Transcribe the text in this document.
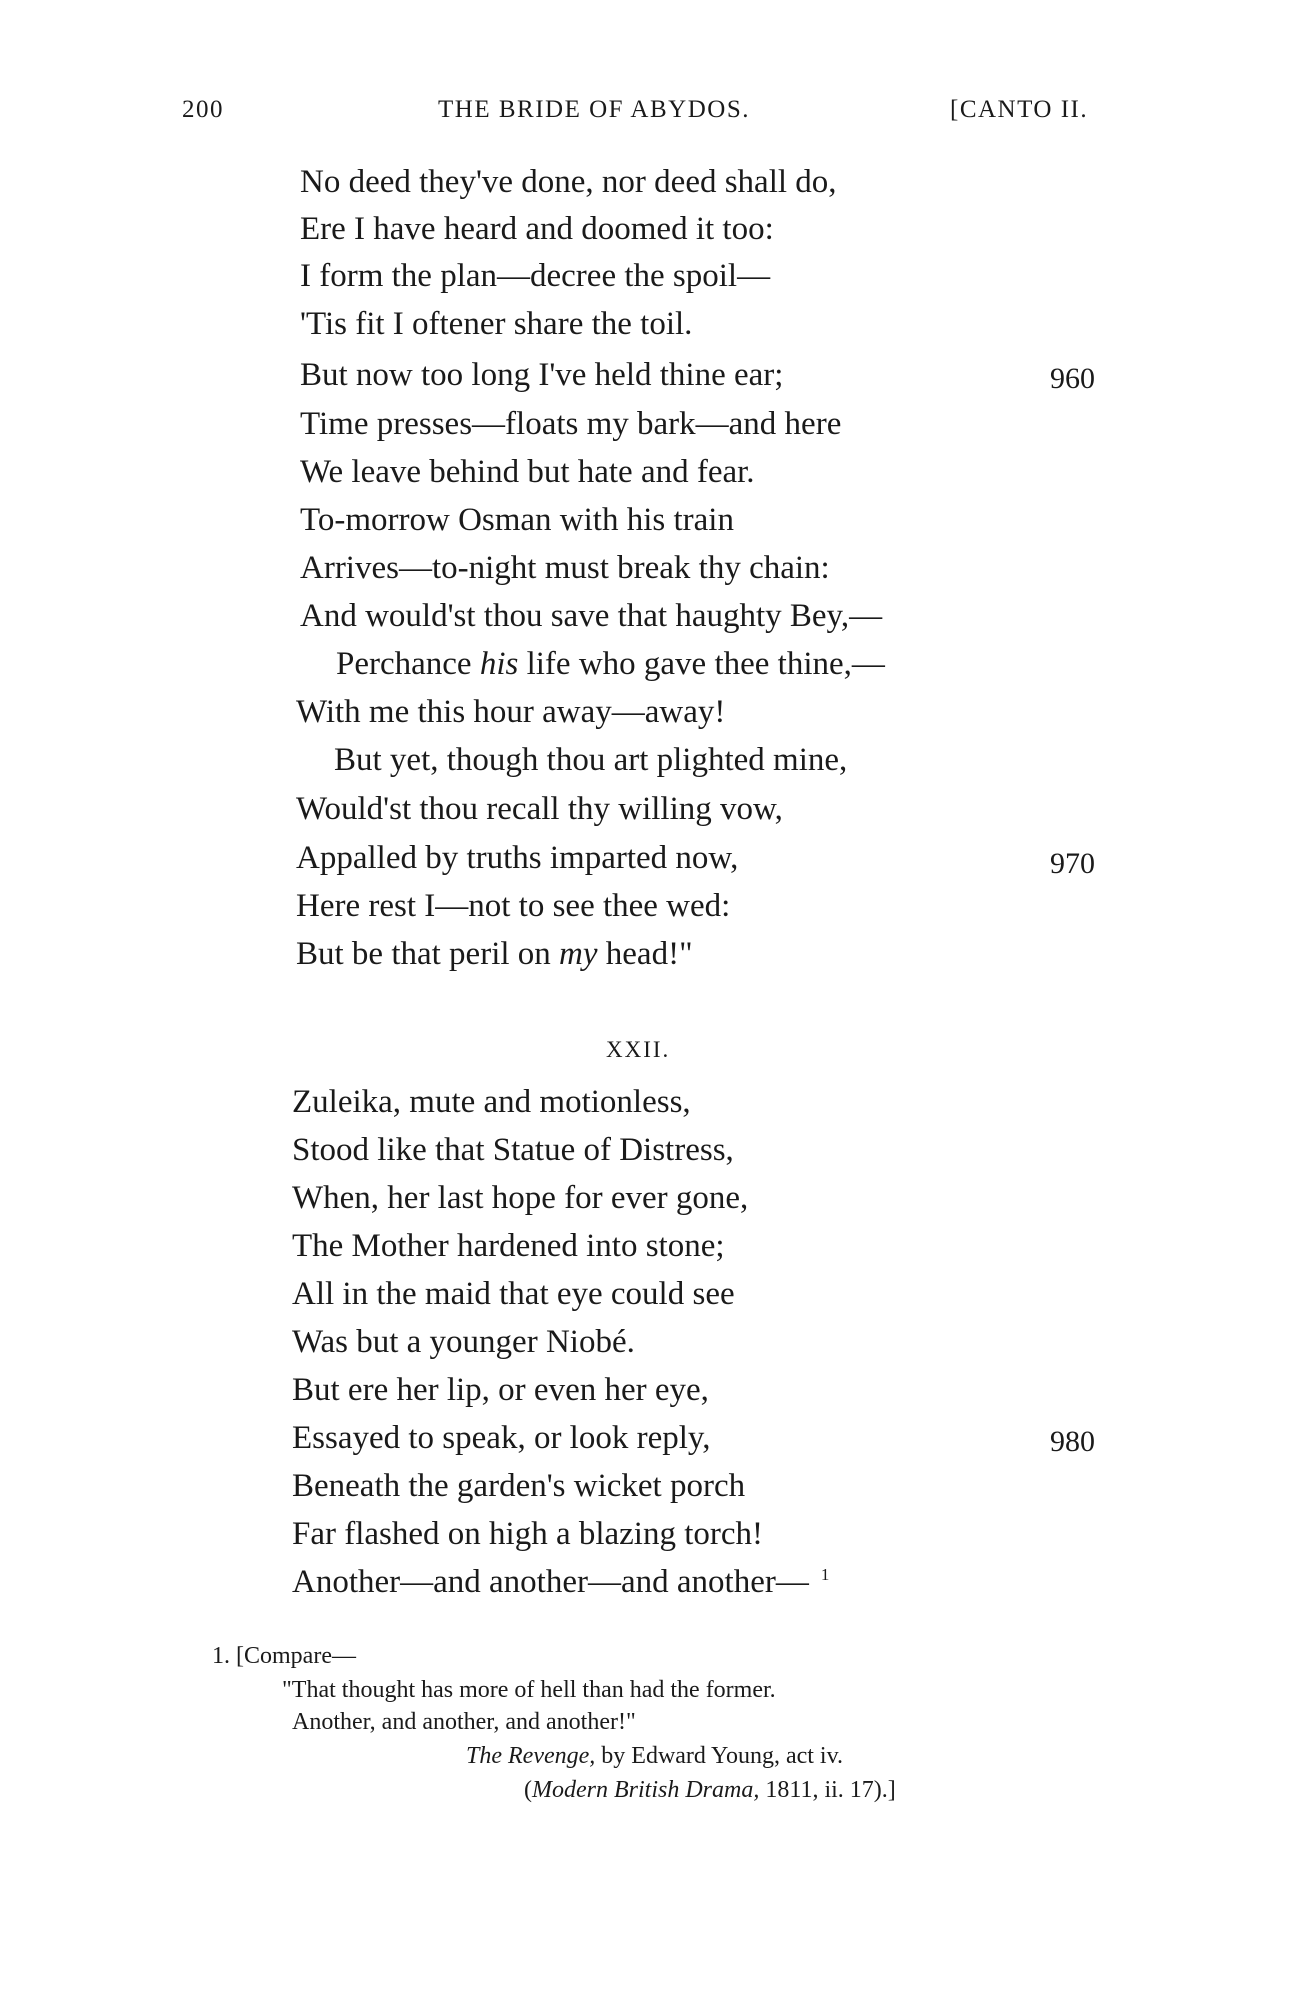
200	THE BRIDE OF ABYDOS.	[CANTO II.
No deed they've done, nor deed shall do,
Ere I have heard and doomed it too:
I form the plan—decree the spoil—
'Tis fit I oftener share the toil.
But now too long I've held thine ear;	960
Time presses—floats my bark—and here
We leave behind but hate and fear.
To-morrow Osman with his train
Arrives—to-night must break thy chain:
And would'st thou save that haughty Bey,—
Perchance his life who gave thee thine,—
With me this hour away—away!
But yet, though thou art plighted mine,
Would'st thou recall thy willing vow,
Appalled by truths imparted now,	970
Here rest I—not to see thee wed:
But be that peril on my head!"
XXII.
Zuleika, mute and motionless,
Stood like that Statue of Distress,
When, her last hope for ever gone,
The Mother hardened into stone;
All in the maid that eye could see
Was but a younger Niobé.
But ere her lip, or even her eye,
Essayed to speak, or look reply,	980
Beneath the garden's wicket porch
Far flashed on high a blazing torch!
Another—and another—and another— $^1$
1. [Compare—
"That thought has more of hell than had the former.
Another, and another, and another!"
The Revenge, by Edward Young, act iv.
(Modern British Drama, 1811, ii. 17).]
